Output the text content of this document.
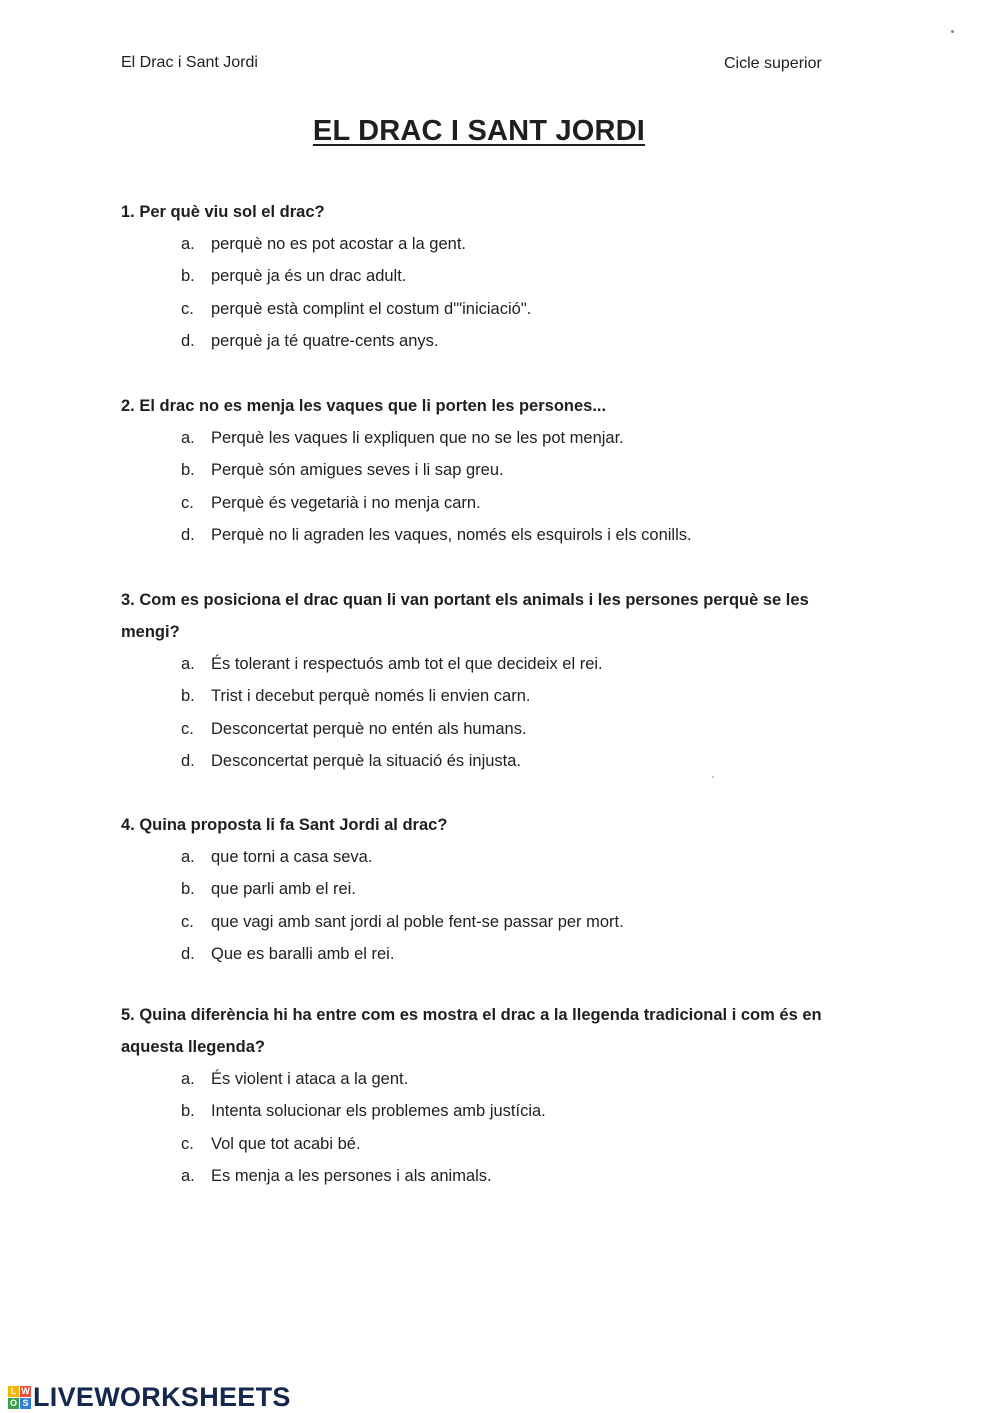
El Drac i Sant Jordi	Cicle superior
EL DRAC I SANT JORDI

1. Per què viu sol el drac?

a. perquè no es pot acostar a la gent.
b. perquè ja és un drac adult.
c.	perquè està complint el costum d'"iniciació".
d. perquè ja té quatre-cents anys.

2. El drac no es menja les vaques que li porten les persones...

a. Perquè les vaques li expliquen que no se les pot menjar.
b. Perquè són amigues seves i li sap greu.
c.	Perquè és vegetarià i no menja carn.
d. Perquè no li agraden les vaques, només els esquirols i els conills.

3. Com es posiciona el drac quan li van portant els animals i les persones perquè se les mengi?

a. És tolerant i respectuós amb tot el que decideix el rei.
b. Trist i decebut perquè només li envien carn.
c.	Desconcertat perquè no entén als humans.
d. Desconcertat perquè la situació és injusta.

4. Quina proposta li fa Sant Jordi al drac?

a. que torni a casa seva.
b. que parli amb el rei.
c.	que vagi amb sant jordi al poble fent-se passar per mort.
d. Que es baralli amb el rei.

5. Quina diferència hi ha entre com es mostra el drac a la llegenda tradicional i com és en aquesta llegenda?

a. És violent i ataca a la gent.
b. Intenta solucionar els problemes amb justícia.
c.	Vol que tot acabi bé.
a. Es menja a les persones i als animals.
L W
O S LIVEWORKSHEETS
